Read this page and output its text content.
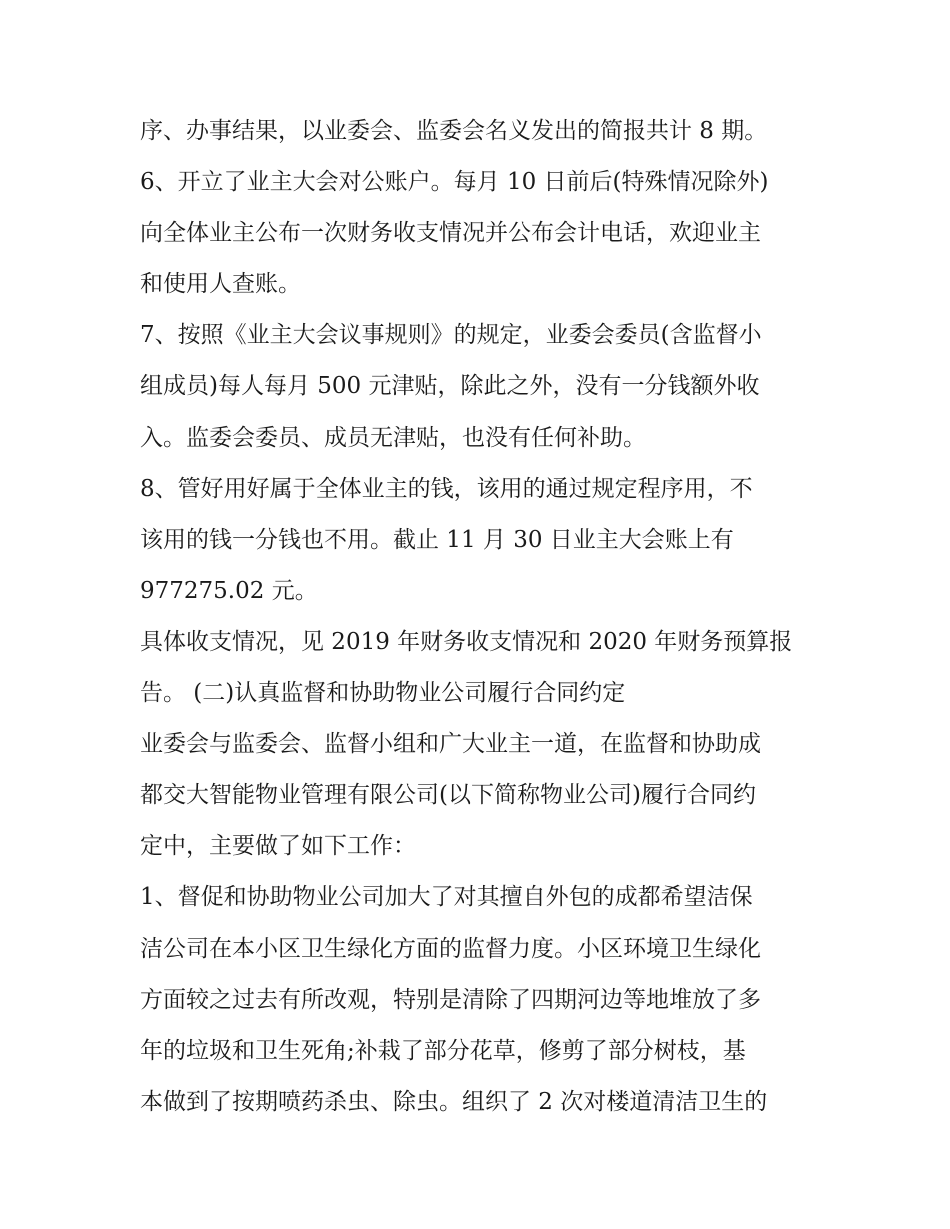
序、办事结果，以业委会、监委会名义发出的简报共计 8 期。
6、开立了业主大会对公账户。每月 10 日前后(特殊情况除外)
向全体业主公布一次财务收支情况并公布会计电话，欢迎业主
和使用人查账。
7、按照《业主大会议事规则》的规定，业委会委员(含监督小
组成员)每人每月 500 元津贴，除此之外，没有一分钱额外收
入。监委会委员、成员无津贴，也没有任何补助。
8、管好用好属于全体业主的钱，该用的通过规定程序用，不
该用的钱一分钱也不用。截止 11 月 30 日业主大会账上有
977275.02 元。
具体收支情况，见 2019 年财务收支情况和 2020 年财务预算报
告。 (二)认真监督和协助物业公司履行合同约定
业委会与监委会、监督小组和广大业主一道，在监督和协助成
都交大智能物业管理有限公司(以下简称物业公司)履行合同约
定中，主要做了如下工作：
1、督促和协助物业公司加大了对其擅自外包的成都希望洁保
洁公司在本小区卫生绿化方面的监督力度。小区环境卫生绿化
方面较之过去有所改观，特别是清除了四期河边等地堆放了多
年的垃圾和卫生死角;补栽了部分花草，修剪了部分树枝，基
本做到了按期喷药杀虫、除虫。组织了 2 次对楼道清洁卫生的
